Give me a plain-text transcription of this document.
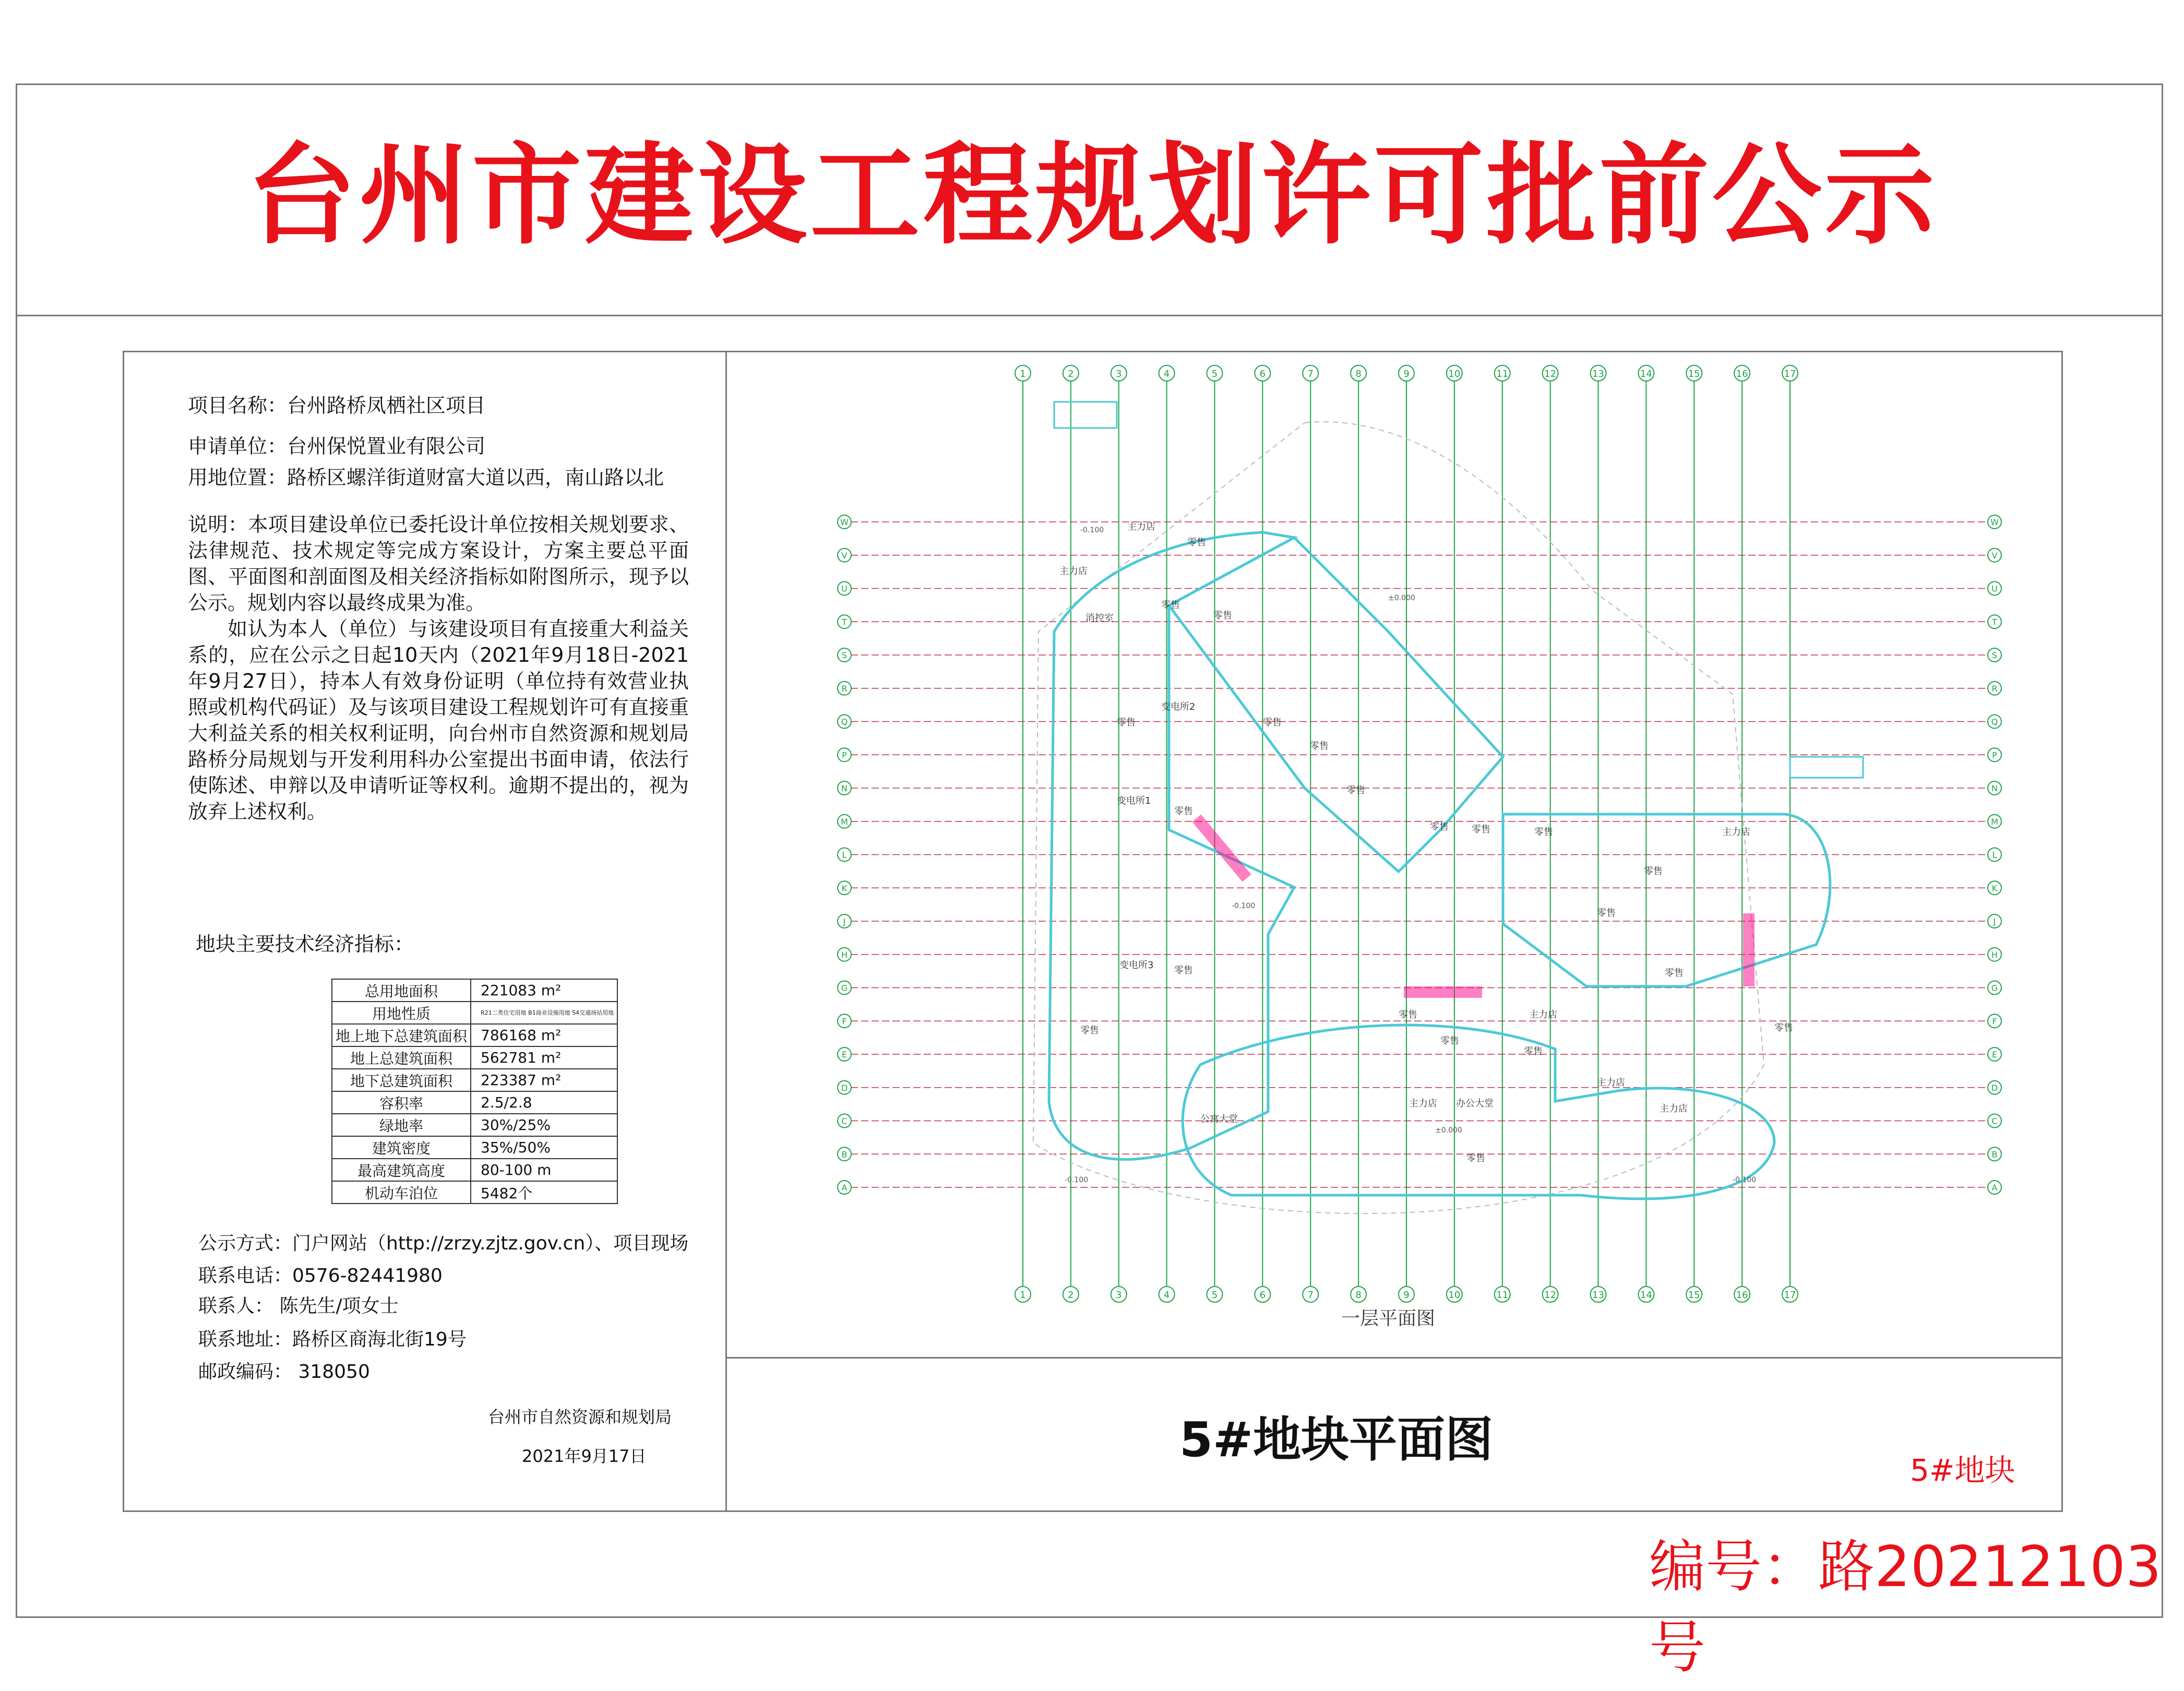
台州市建设工程规划许可批前公示
项目名称：台州路桥凤栖社区项目
申请单位：台州保悦置业有限公司
用地位置：路桥区螺洋街道财富大道以西，南山路以北
说明：本项目建设单位已委托设计单位按相关规划要求、法律规范、技术规定等完成方案设计，方案主要总平面图、平面图和剖面图及相关经济指标如附图所示，现予以公示。规划内容以最终成果为准。
如认为本人（单位）与该建设项目有直接重大利益关系的，应在公示之日起10天内（2021年9月18日-2021年9月27日），持本人有效身份证明（单位持有效营业执照或机构代码证）及与该项目建设工程规划许可有直接重大利益关系的相关权利证明，向台州市自然资源和规划局路桥分局规划与开发利用科办公室提出书面申请，依法行使陈述、申辩以及申请听证等权利。逾期不提出的，视为放弃上述权利。
地块主要技术经济指标：
总用地面积	221083 m²
用地性质	R21二类住宅用地 B1商业设施用地 S4交通场站用地
地上地下总建筑面积	786168 m²
地上总建筑面积	562781 m²
地下总建筑面积	223387 m²
容积率	2.5/2.8
绿地率	30%/25%
建筑密度	35%/50%
最高建筑高度	80-100 m
机动车泊位	5482个
公示方式：门户网站（http://zrzy.zjtz.gov.cn）、项目现场
联系电话：0576-82441980
联系人： 陈先生/项女士
联系地址：路桥区商海北街19号
邮政编码： 318050
台州市自然资源和规划局
2021年9月17日
1
1
2
2
3
3
4
4
5
5
6
6
7
7
8
8
9
9
10
10
11
11
12
12
13
13
14
14
15
15
16
16
17
17
W	W
V	V
U	U
T	T
S	S
R	R
Q	Q
P	P
N	N
M	M
L	L
K	K
J	J
H	H
G	G
F	F
E	E
D	D
C	C
B	B
A	A
主力店
零售
零售
零售
主力店
消控室
零售
变电所2
零售
零售
零售
变电所1
零售
零售 零售	零售	主力店
零售
零售
变电所3 零售	零售
零售	主力店
零售
零售
零售
零售
主力店 办公大堂
公寓大堂
主力店
主力店
零售
-0.100
±0.000
-0.100
±0.000
-0.100	-0.100
一层平面图
5#地块平面图
5#地块
编号：路20212103号
